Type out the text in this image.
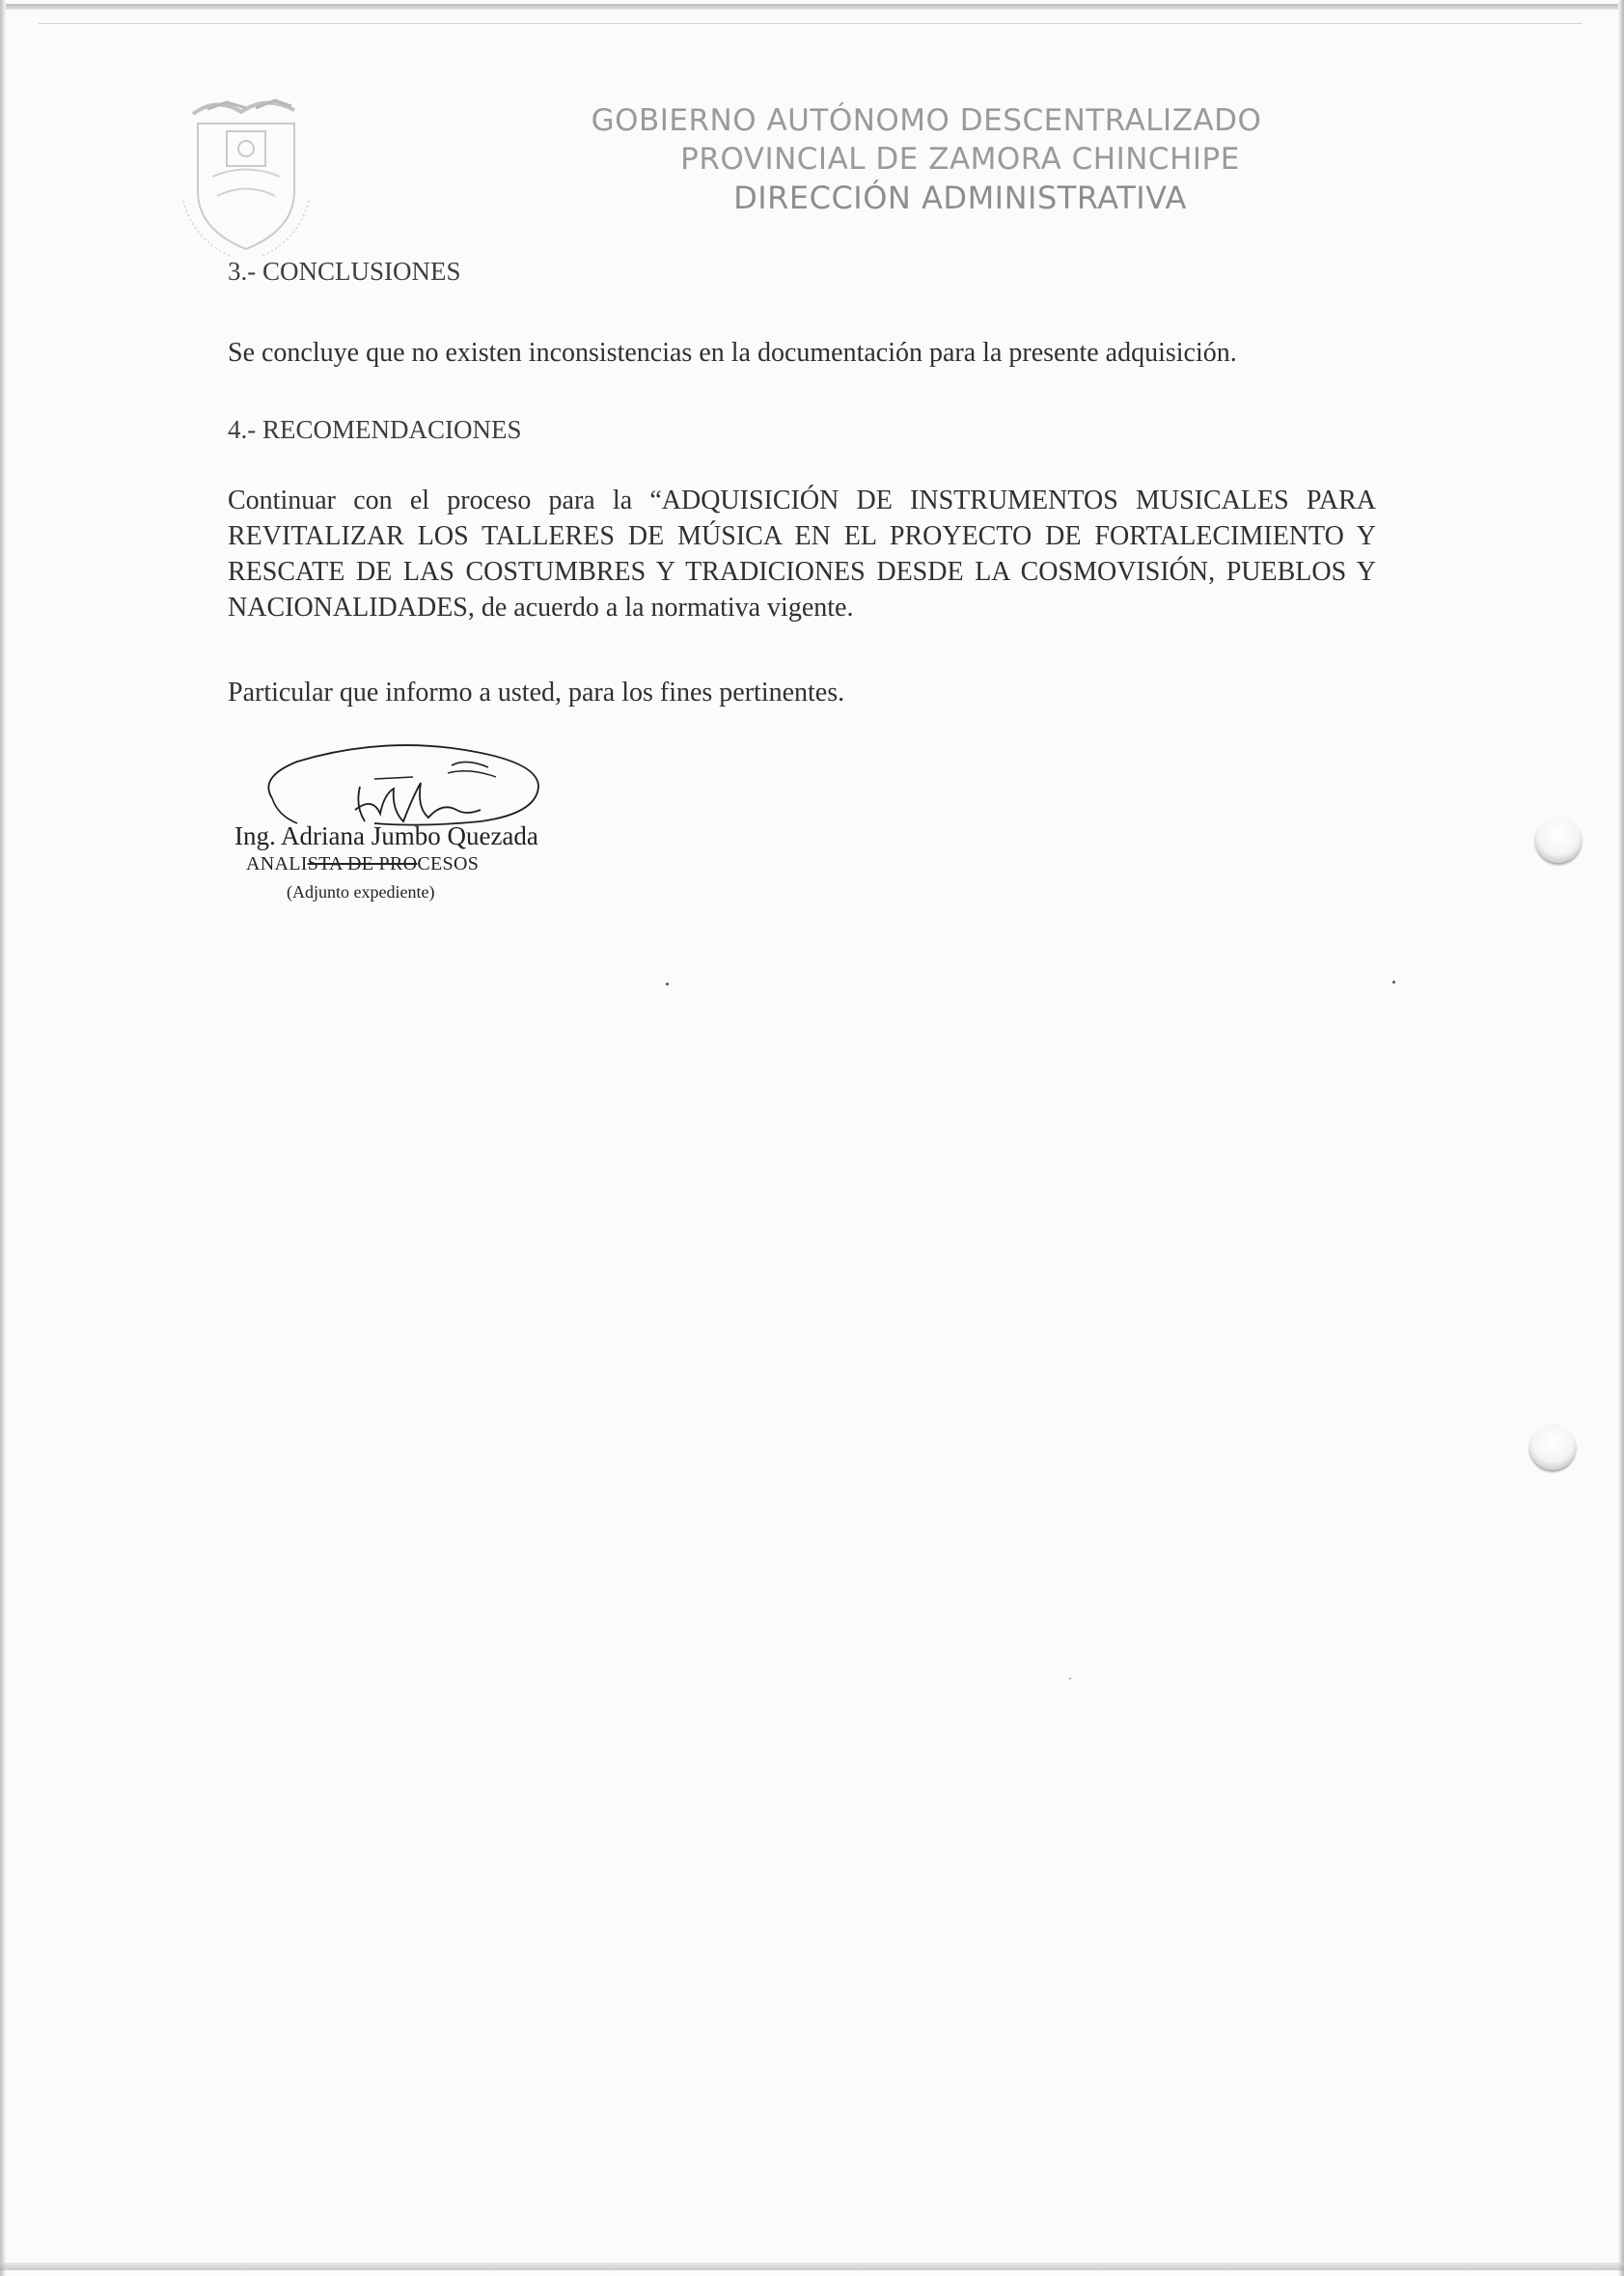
GOBIERNO AUTÓNOMO DESCENTRALIZADO
PROVINCIAL DE ZAMORA CHINCHIPE
DIRECCIÓN ADMINISTRATIVA
3.- CONCLUSIONES
Se concluye que no existen inconsistencias en la documentación para la presente adquisición.
4.- RECOMENDACIONES
Continuar con el proceso para la “ADQUISICIÓN DE INSTRUMENTOS MUSICALES PARA REVITALIZAR LOS TALLERES DE MÚSICA EN EL PROYECTO DE FORTALECIMIENTO Y RESCATE DE LAS COSTUMBRES Y TRADICIONES DESDE LA COSMOVISIÓN, PUEBLOS Y NACIONALIDADES, de acuerdo a la normativa vigente.
Particular que informo a usted, para los fines pertinentes.
Ing. Adriana Jumbo Quezada
ANALISTA DE PROCESOS
(Adjunto expediente)
